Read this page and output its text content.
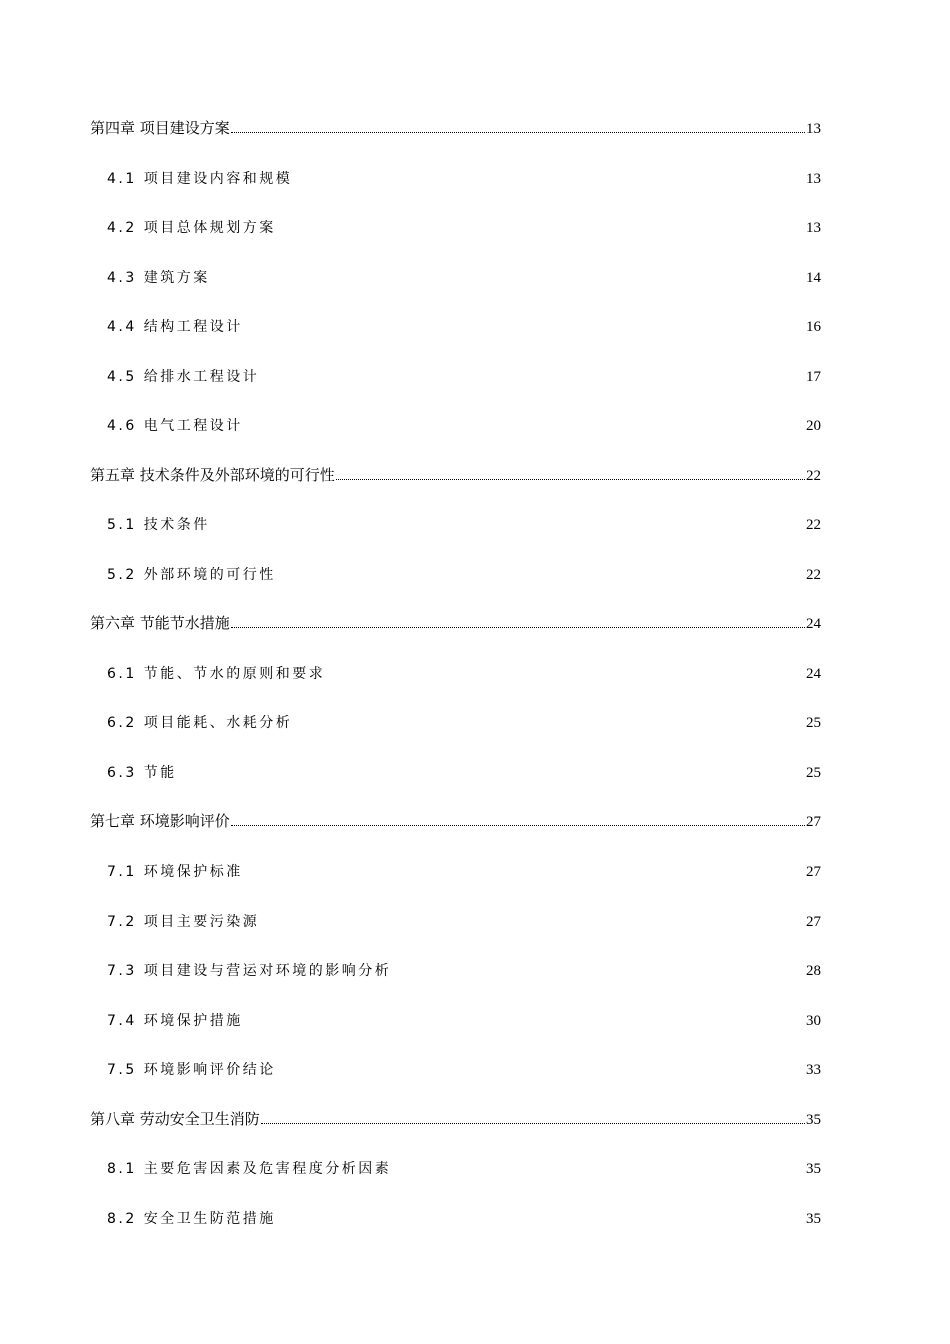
第四章 项目建设方案	13
4.1 项目建设内容和规模	13
4.2 项目总体规划方案	13
4.3 建筑方案	14
4.4 结构工程设计	16
4.5 给排水工程设计	17
4.6 电气工程设计	20
第五章 技术条件及外部环境的可行性	22
5.1 技术条件	22
5.2 外部环境的可行性	22
第六章 节能节水措施	24
6.1 节能、节水的原则和要求	24
6.2 项目能耗、水耗分析	25
6.3 节能	25
第七章 环境影响评价	27
7.1 环境保护标准	27
7.2 项目主要污染源	27
7.3 项目建设与营运对环境的影响分析	28
7.4 环境保护措施	30
7.5 环境影响评价结论	33
第八章 劳动安全卫生消防	35
8.1 主要危害因素及危害程度分析因素	35
8.2 安全卫生防范措施	35
